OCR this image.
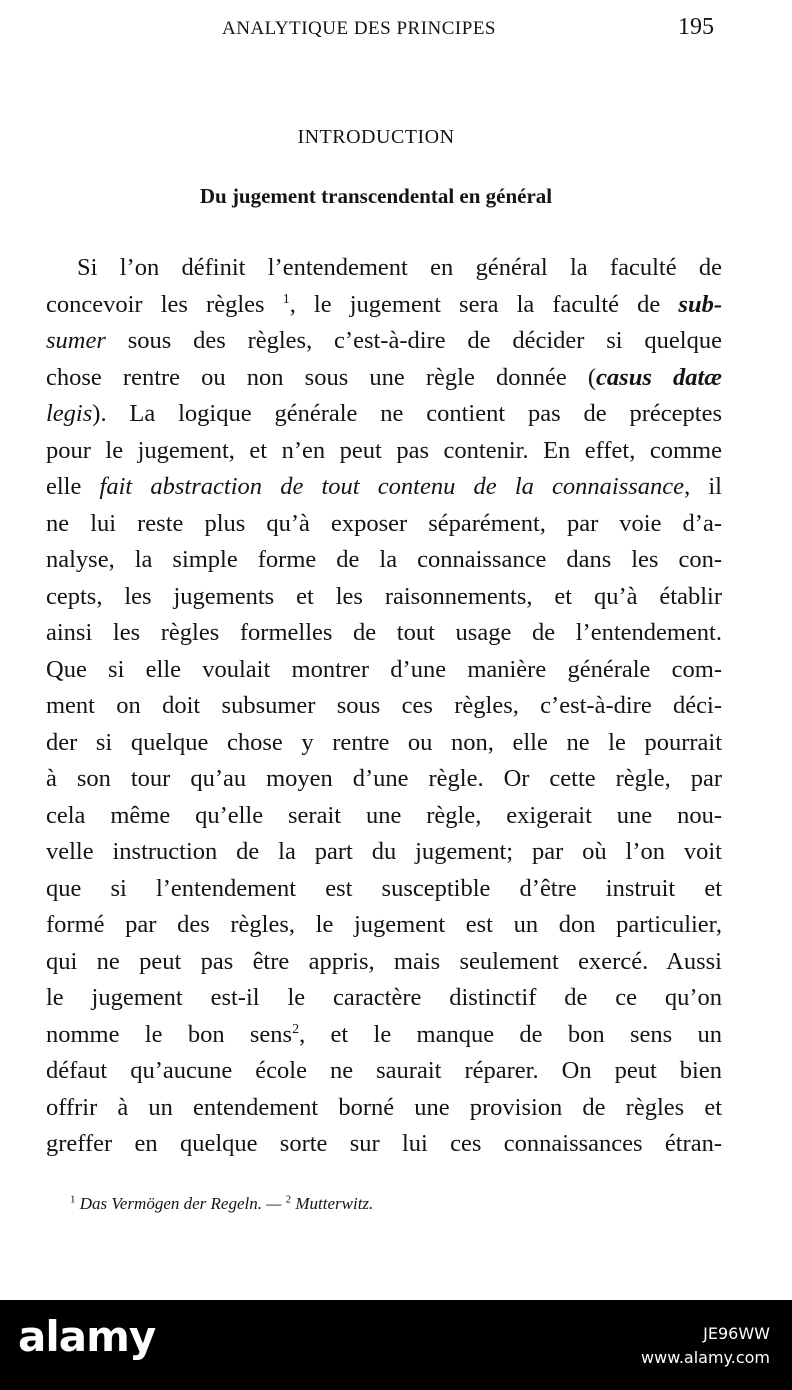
ANALYTIQUE DES PRINCIPES	195
INTRODUCTION
Du jugement transcendental en général
Si l’on définit l’entendement en général la faculté de
concevoir les règles $^1$, le jugement sera la faculté de sub-
sumer sous des règles, c’est-à-dire de décider si quelque
chose rentre ou non sous une règle donnée (casus datæ
legis). La logique générale ne contient pas de préceptes
pour le jugement, et n’en peut pas contenir. En effet, comme
elle fait abstraction de tout contenu de la connaissance, il
ne lui reste plus qu’à exposer séparément, par voie d’a-
nalyse, la simple forme de la connaissance dans les con-
cepts, les jugements et les raisonnements, et qu’à établir
ainsi les règles formelles de tout usage de l’entendement.
Que si elle voulait montrer d’une manière générale com-
ment on doit subsumer sous ces règles, c’est-à-dire déci-
der si quelque chose y rentre ou non, elle ne le pourrait
à son tour qu’au moyen d’une règle. Or cette règle, par
cela même qu’elle serait une règle, exigerait une nou-
velle instruction de la part du jugement; par où l’on voit
que si l’entendement est susceptible d’être instruit et
formé par des règles, le jugement est un don particulier,
qui ne peut pas être appris, mais seulement exercé. Aussi
le jugement est-il le caractère distinctif de ce qu’on
nomme le bon sens$^2$, et le manque de bon sens un
défaut qu’aucune école ne saurait réparer. On peut bien
offrir à un entendement borné une provision de règles et
greffer en quelque sorte sur lui ces connaissances étran-
$^1$ Das Vermögen der Regeln. — $^2$ Mutterwitz.
alamy	JE96WW
www.alamy.com
